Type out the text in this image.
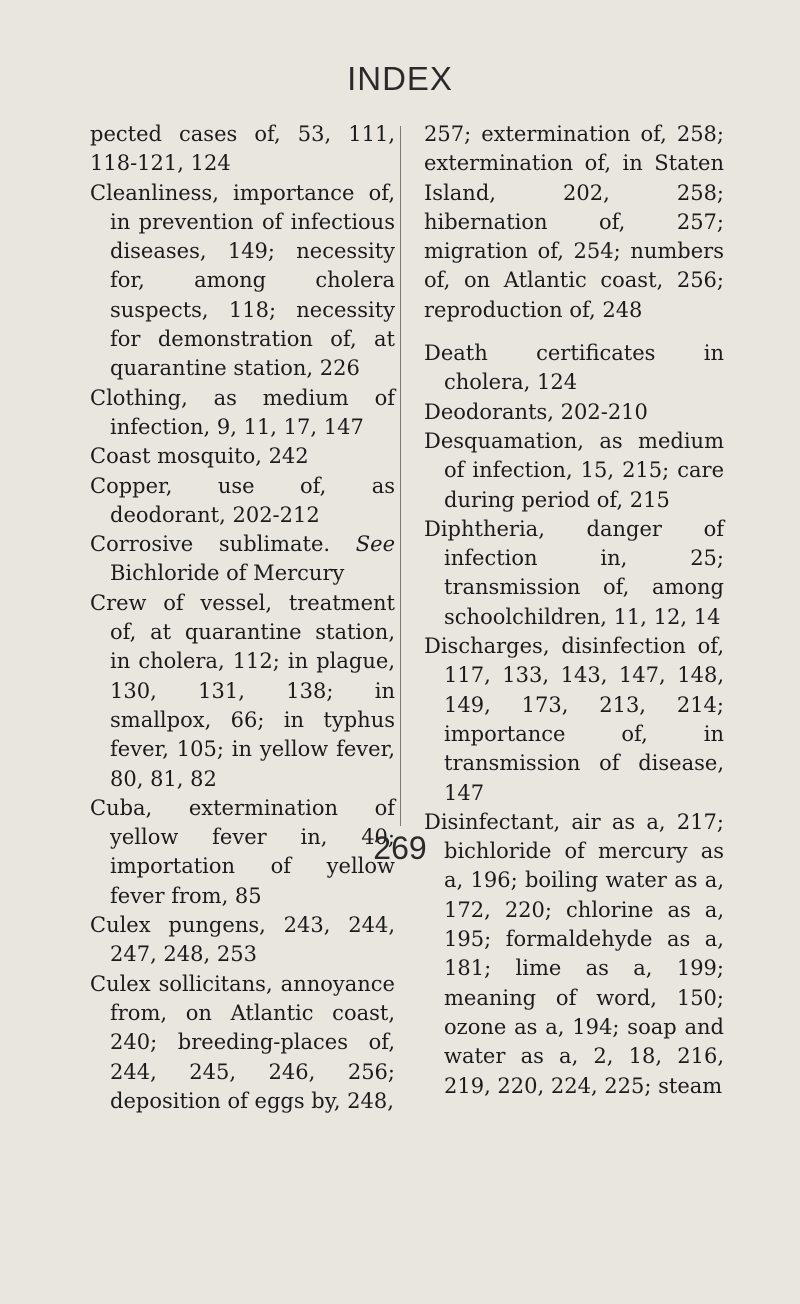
INDEX

pected cases of, 53, 111, 118-121, 124

Cleanliness, importance of, in prevention of infectious diseases, 149; necessity for, among cholera suspects, 118; necessity for demonstration of, at quarantine station, 226

Clothing, as medium of infection, 9, 11, 17, 147

Coast mosquito, 242

Copper, use of, as deodorant, 202-212

Corrosive sublimate. See Bichloride of Mercury

Crew of vessel, treatment of, at quarantine station, in cholera, 112; in plague, 130, 131, 138; in smallpox, 66; in typhus fever, 105; in yellow fever, 80, 81, 82

Cuba, extermination of yellow fever in, 40; importation of yellow fever from, 85

Culex pungens, 243, 244, 247, 248, 253

Culex sollicitans, annoyance from, on Atlantic coast, 240; breeding-places of, 244, 245, 246, 256; deposition of eggs by, 248,

257; extermination of, 258; extermination of, in Staten Island, 202, 258; hibernation of, 257; migration of, 254; numbers of, on Atlantic coast, 256; reproduction of, 248

Death certificates in cholera, 124

Deodorants, 202-210

Desquamation, as medium of infection, 15, 215; care during period of, 215

Diphtheria, danger of infection in, 25; transmission of, among schoolchildren, 11, 12, 14

Discharges, disinfection of, 117, 133, 143, 147, 148, 149, 173, 213, 214; importance of, in transmission of disease, 147

Disinfectant, air as a, 217; bichloride of mercury as a, 196; boiling water as a, 172, 220; chlorine as a, 195; formaldehyde as a, 181; lime as a, 199; meaning of word, 150; ozone as a, 194; soap and water as a, 2, 18, 216, 219, 220, 224, 225; steam

269
